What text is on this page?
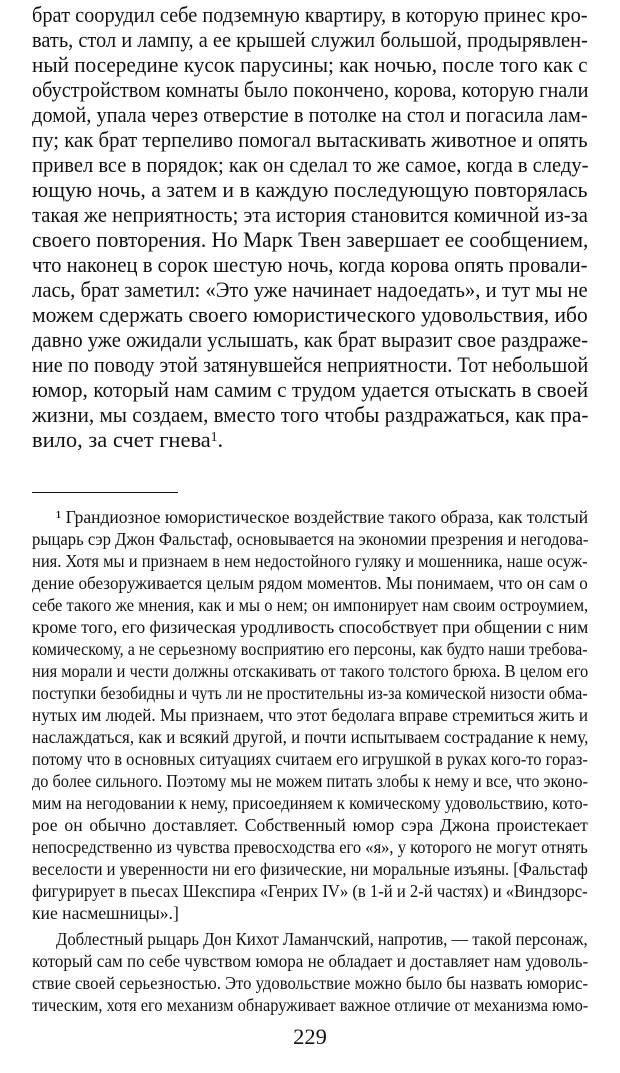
брат соорудил себе подземную квартиру, в которую принес кро-

вать, стол и лампу, а ее крышей служил большой, продырявлен-

ный посередине кусок парусины; как ночью, после того как с

обустройством комнаты было покончено, корова, которую гнали

домой, упала через отверстие в потолке на стол и погасила лам-

пу; как брат терпеливо помогал вытаскивать животное и опять

привел все в порядок; как он сделал то же самое, когда в следу-

ющую ночь, а затем и в каждую последующую повторялась

такая же неприятность; эта история становится комичной из-за

своего повторения. Но Марк Твен завершает ее сообщением,

что наконец в сорок шестую ночь, когда корова опять провали-

лась, брат заметил: «Это уже начинает надоедать», и тут мы не

можем сдержать своего юмористического удовольствия, ибо

давно уже ожидали услышать, как брат выразит свое раздраже-

ние по поводу этой затянувшейся неприятности. Тот небольшой

юмор, который нам самим с трудом удается отыскать в своей

жизни, мы создаем, вместо того чтобы раздражаться, как пра-

вило, за счет гнева$^1$.

¹ Грандиозное юмористическое воздействие такого образа, как толстый

рыцарь сэр Джон Фальстаф, основывается на экономии презрения и негодова-

ния. Хотя мы и признаем в нем недостойного гуляку и мошенника, наше осуж-

дение обезоруживается целым рядом моментов. Мы понимаем, что он сам о

себе такого же мнения, как и мы о нем; он импонирует нам своим остроумием,

кроме того, его физическая уродливость способствует при общении с ним

комическому, а не серьезному восприятию его персоны, как будто наши требова-

ния морали и чести должны отскакивать от такого толстого брюха. В целом его

поступки безобидны и чуть ли не простительны из-за комической низости обма-

нутых им людей. Мы признаем, что этот бедолага вправе стремиться жить и

наслаждаться, как и всякий другой, и почти испытываем сострадание к нему,

потому что в основных ситуациях считаем его игрушкой в руках кого-то гораз-

до более сильного. Поэтому мы не можем питать злобы к нему и все, что эконо-

мим на негодовании к нему, присоединяем к комическому удовольствию, кото-

рое он обычно доставляет. Собственный юмор сэра Джона проистекает

непосредственно из чувства превосходства его «я», у которого не могут отнять

веселости и уверенности ни его физические, ни моральные изъяны. [Фальстаф

фигурирует в пьесах Шекспира «Генрих IV» (в 1-й и 2-й частях) и «Виндзорс-

кие насмешницы».]

Доблестный рыцарь Дон Кихот Ламанчский, напротив, — такой персонаж,

который сам по себе чувством юмора не обладает и доставляет нам удоволь-

ствие своей серьезностью. Это удовольствие можно было бы назвать юморис-

тическим, хотя его механизм обнаруживает важное отличие от механизма юмо-

229
